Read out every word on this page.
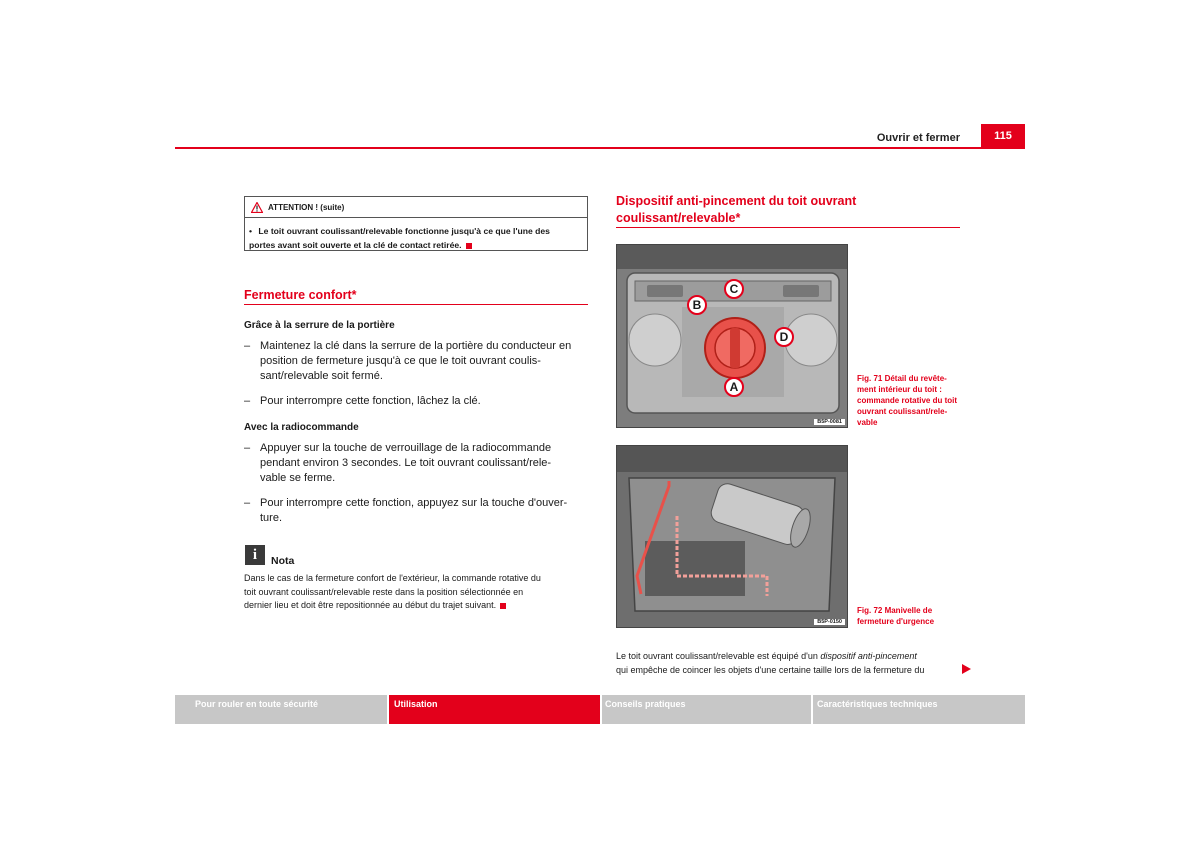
Ouvrir et fermer	115
ATTENTION ! (suite)
• Le toit ouvrant coulissant/relevable fonctionne jusqu'à ce que l'une des
portes avant soit ouverte et la clé de contact retirée.
Fermeture confort*
Grâce à la serrure de la portière
– Maintenez la clé dans la serrure de la portière du conducteur en
position de fermeture jusqu'à ce que le toit ouvrant coulis-
sant/relevable soit fermé.
– Pour interrompre cette fonction, lâchez la clé.
Avec la radiocommande
– Appuyer sur la touche de verrouillage de la radiocommande
pendant environ 3 secondes. Le toit ouvrant coulissant/rele-
vable se ferme.
– Pour interrompre cette fonction, appuyez sur la touche d'ouver-
ture.
i	Nota
Dans le cas de la fermeture confort de l'extérieur, la commande rotative du
toit ouvrant coulissant/relevable reste dans la position sélectionnée en
dernier lieu et doit être repositionnée au début du trajet suivant.
Dispositif anti-pincement du toit ouvrant
coulissant/relevable*
A
B
C
D
B5P-0081
Fig. 71 Détail du revête-
ment intérieur du toit :
commande rotative du toit
ouvrant coulissant/rele-
vable
B5P-0150
Fig. 72 Manivelle de
fermeture d'urgence
Le toit ouvrant coulissant/relevable est équipé d'un dispositif anti-pincement
qui empêche de coincer les objets d'une certaine taille lors de la fermeture du
Pour rouler en toute sécurité	Utilisation	Conseils pratiques	Caractéristiques techniques
